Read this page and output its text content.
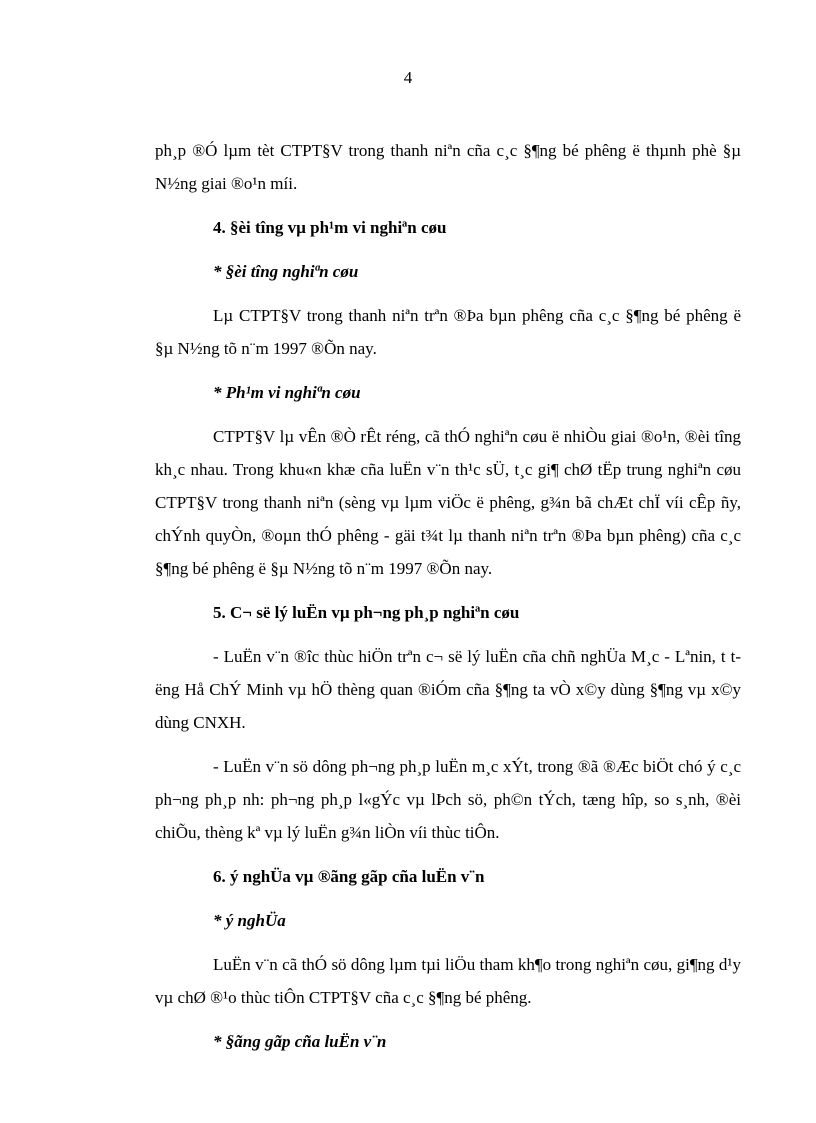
4

ph¸p ®Ó lµm tèt CTPT§V trong thanh niªn cña c¸c §¶ng bé phêng ë thµnh phè §µ N½ng giai ®o¹n míi.

4. §èi tîng vµ ph¹m vi nghiªn cøu

* §èi tîng nghiªn cøu

Lµ CTPT§V trong thanh niªn trªn ®Þa bµn phêng cña c¸c §¶ng bé phêng ë §µ N½ng tõ n¨m 1997 ®Õn nay.

* Ph¹m vi nghiªn cøu

CTPT§V lµ vÊn ®Ò rÊt réng, cã thÓ nghiªn cøu ë nhiÒu giai ®o¹n, ®èi tîng kh¸c nhau. Trong khu«n khæ cña luËn v¨n th¹c sÜ, t¸c gi¶ chØ tËp trung nghiªn cøu CTPT§V trong thanh niªn (sèng vµ lµm viÖc ë phêng, g¾n bã chÆt chÏ víi cÊp ñy, chÝnh quyÒn, ®oµn thÓ phêng - gäi t¾t lµ thanh niªn trªn ®Þa bµn phêng) cña c¸c §¶ng bé phêng ë §µ N½ng tõ n¨m 1997 ®Õn nay.

5. C¬ së lý luËn vµ ph¬ng ph¸p nghiªn cøu

- LuËn v¨n ®îc thùc hiÖn trªn c¬ së lý luËn cña chñ nghÜa M¸c - Lªnin, t tëng Hå ChÝ Minh vµ hÖ thèng quan ®iÓm cña §¶ng ta vÒ x©y dùng §¶ng vµ x©y dùng CNXH.

- LuËn v¨n sö dông ph¬ng ph¸p luËn m¸c xÝt, trong ®ã ®Æc biÖt chó ý c¸c ph¬ng ph¸p nh: ph¬ng ph¸p l«gÝc vµ lÞch sö, ph©n tÝch, tæng hîp, so s¸nh, ®èi chiÕu, thèng kª vµ lý luËn g¾n liÒn víi thùc tiÔn.

6. ý nghÜa vµ ®ãng gãp cña luËn v¨n

* ý nghÜa

LuËn v¨n cã thÓ sö dông lµm tµi liÖu tham kh¶o trong nghiªn cøu, gi¶ng d¹y vµ chØ ®¹o thùc tiÔn CTPT§V cña c¸c §¶ng bé phêng.

* §ãng gãp cña luËn v¨n
